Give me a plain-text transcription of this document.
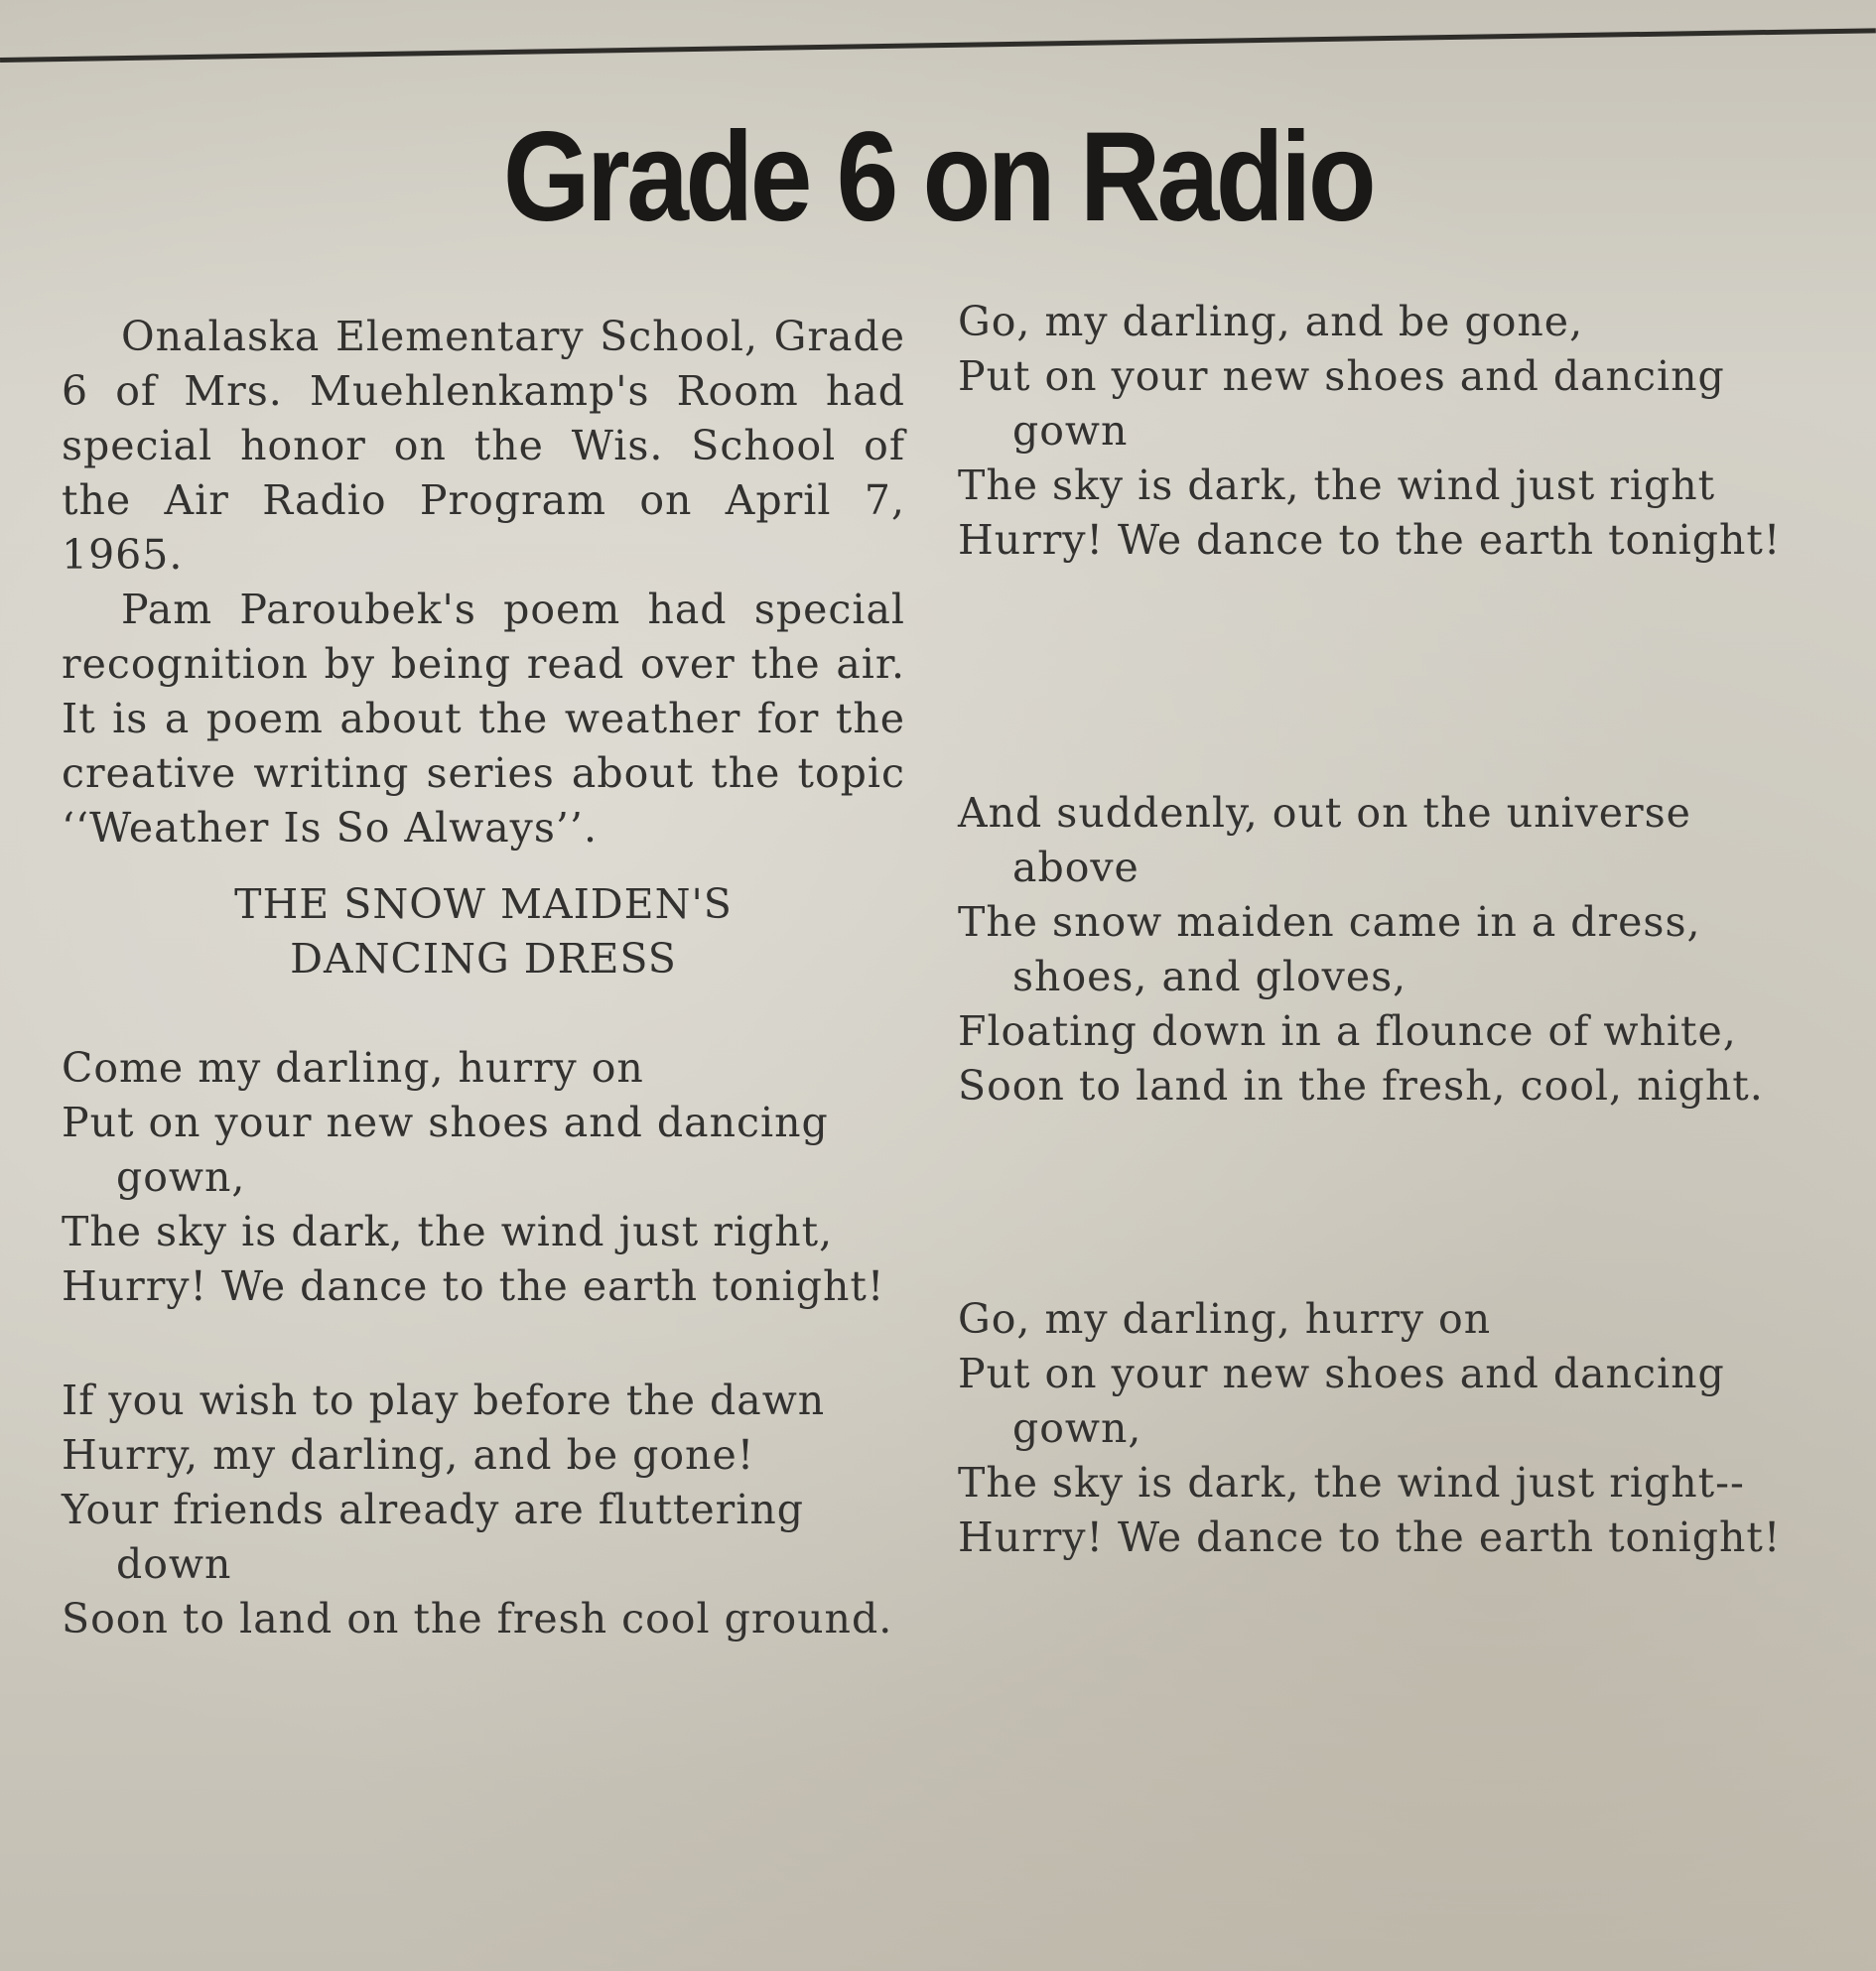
Grade 6 on Radio

Onalaska Elementary School, Grade 6 of Mrs. Muehlenkamp's Room had special honor on the Wis. School of the Air Radio Program on April 7, 1965.

Pam Paroubek's poem had special recognition by being read over the air. It is a poem about the weather for the creative writing series about the topic ‘‘Weather Is So Always’’.

THE SNOW MAIDEN'S
DANCING DRESS

Come my darling, hurry on

Put on your new shoes and dancing gown,

The sky is dark, the wind just right,

Hurry! We dance to the earth tonight!

If you wish to play before the dawn

Hurry, my darling, and be gone!

Your friends already are fluttering down

Soon to land on the fresh cool ground.

Go, my darling, and be gone,

Put on your new shoes and dancing gown

The sky is dark, the wind just right

Hurry! We dance to the earth tonight!

And suddenly, out on the universe above

The snow maiden came in a dress, shoes, and gloves,

Floating down in a flounce of white,

Soon to land in the fresh, cool, night.

Go, my darling, hurry on

Put on your new shoes and dancing gown,

The sky is dark, the wind just right--

Hurry! We dance to the earth tonight!
